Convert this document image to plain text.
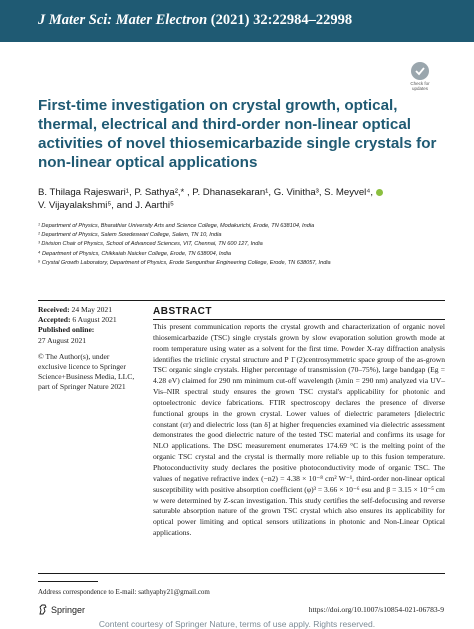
J Mater Sci: Mater Electron (2021) 32:22984–22998
Check for updates
First-time investigation on crystal growth, optical, thermal, electrical and third-order non-linear optical activities of novel thiosemicarbazide single crystals for non-linear optical applications
B. Thilaga Rajeswari¹, P. Sathya²,* , P. Dhanasekaran¹, G. Vinitha³, S. Meyvel⁴,
V. Vijayalakshmi⁵, and J. Aarthi⁵
¹ Department of Physics, Bharathiar University Arts and Science College, Modakurichi, Erode, TN 638104, India
² Department of Physics, Salem Sowdeswari College, Salem, TN 10, India
³ Division Chair of Physics, School of Advanced Sciences, VIT, Chennai, TN 600 127, India
⁴ Department of Physics, Chikkaiah Naicker College, Erode, TN 638004, India
⁵ Crystal Growth Laboratory, Department of Physics, Erode Sengunthar Engineering College, Erode, TN 638057, India
Received: 24 May 2021
Accepted: 6 August 2021
Published online:
27 August 2021
© The Author(s), under exclusive licence to Springer Science+Business Media, LLC, part of Springer Nature 2021
ABSTRACT
This present communication reports the crystal growth and characterization of organic novel thiosemicarbazide (TSC) single crystals grown by slow evaporation solution growth mode at room temperature using water as a solvent for the first time. Powder X-ray diffraction analysis identifies the triclinic crystal structure and P 1̄ (2)centrosymmetric space group of the as-grown TSC organic single crystals. Higher percentage of transmission (70–75%), large bandgap (Eg = 4.28 eV) claimed for 290 nm minimum cut-off wavelength (λmin = 290 nm) analyzed via UV–Vis–NIR spectral study ensures the grown TSC crystal's applicability for photonic and optoelectronic device fabrications. FTIR spectroscopy declares the presence of diverse functional groups in the grown crystal. Lower values of dielectric parameters [dielectric constant (εr) and dielectric loss (tan δ] at higher frequencies examined via dielectric assessment demonstrates the good dielectric nature of the tested TSC material and confirms its usage for NLO applications. The DSC measurement enumerates 174.69 °C is the melting point of the organic TSC crystal and the crystal is thermally more reliable up to this fusion temperature. Photoconductivity study declares the positive photoconductivity mode of organic TSC. The values of negative refractive index (−n2) = 4.38 × 10⁻⁸ cm² W⁻¹, third-order non-linear optical susceptibility with positive absorption coefficient (φ)³ = 3.66 × 10⁻⁶ esu and β = 3.15 × 10⁻⁵ cm w were determined by Z-scan investigation. This study certifies the self-defocusing and reverse saturable absorption nature of the grown TSC crystal which also ensures its applicability for optical power limiting and optical sensors utilizations in photonic and Non-Linear Optical applications.
Address correspondence to E-mail: sathyaphy21@gmail.com
Springer	https://doi.org/10.1007/s10854-021-06783-9
Content courtesy of Springer Nature, terms of use apply. Rights reserved.
